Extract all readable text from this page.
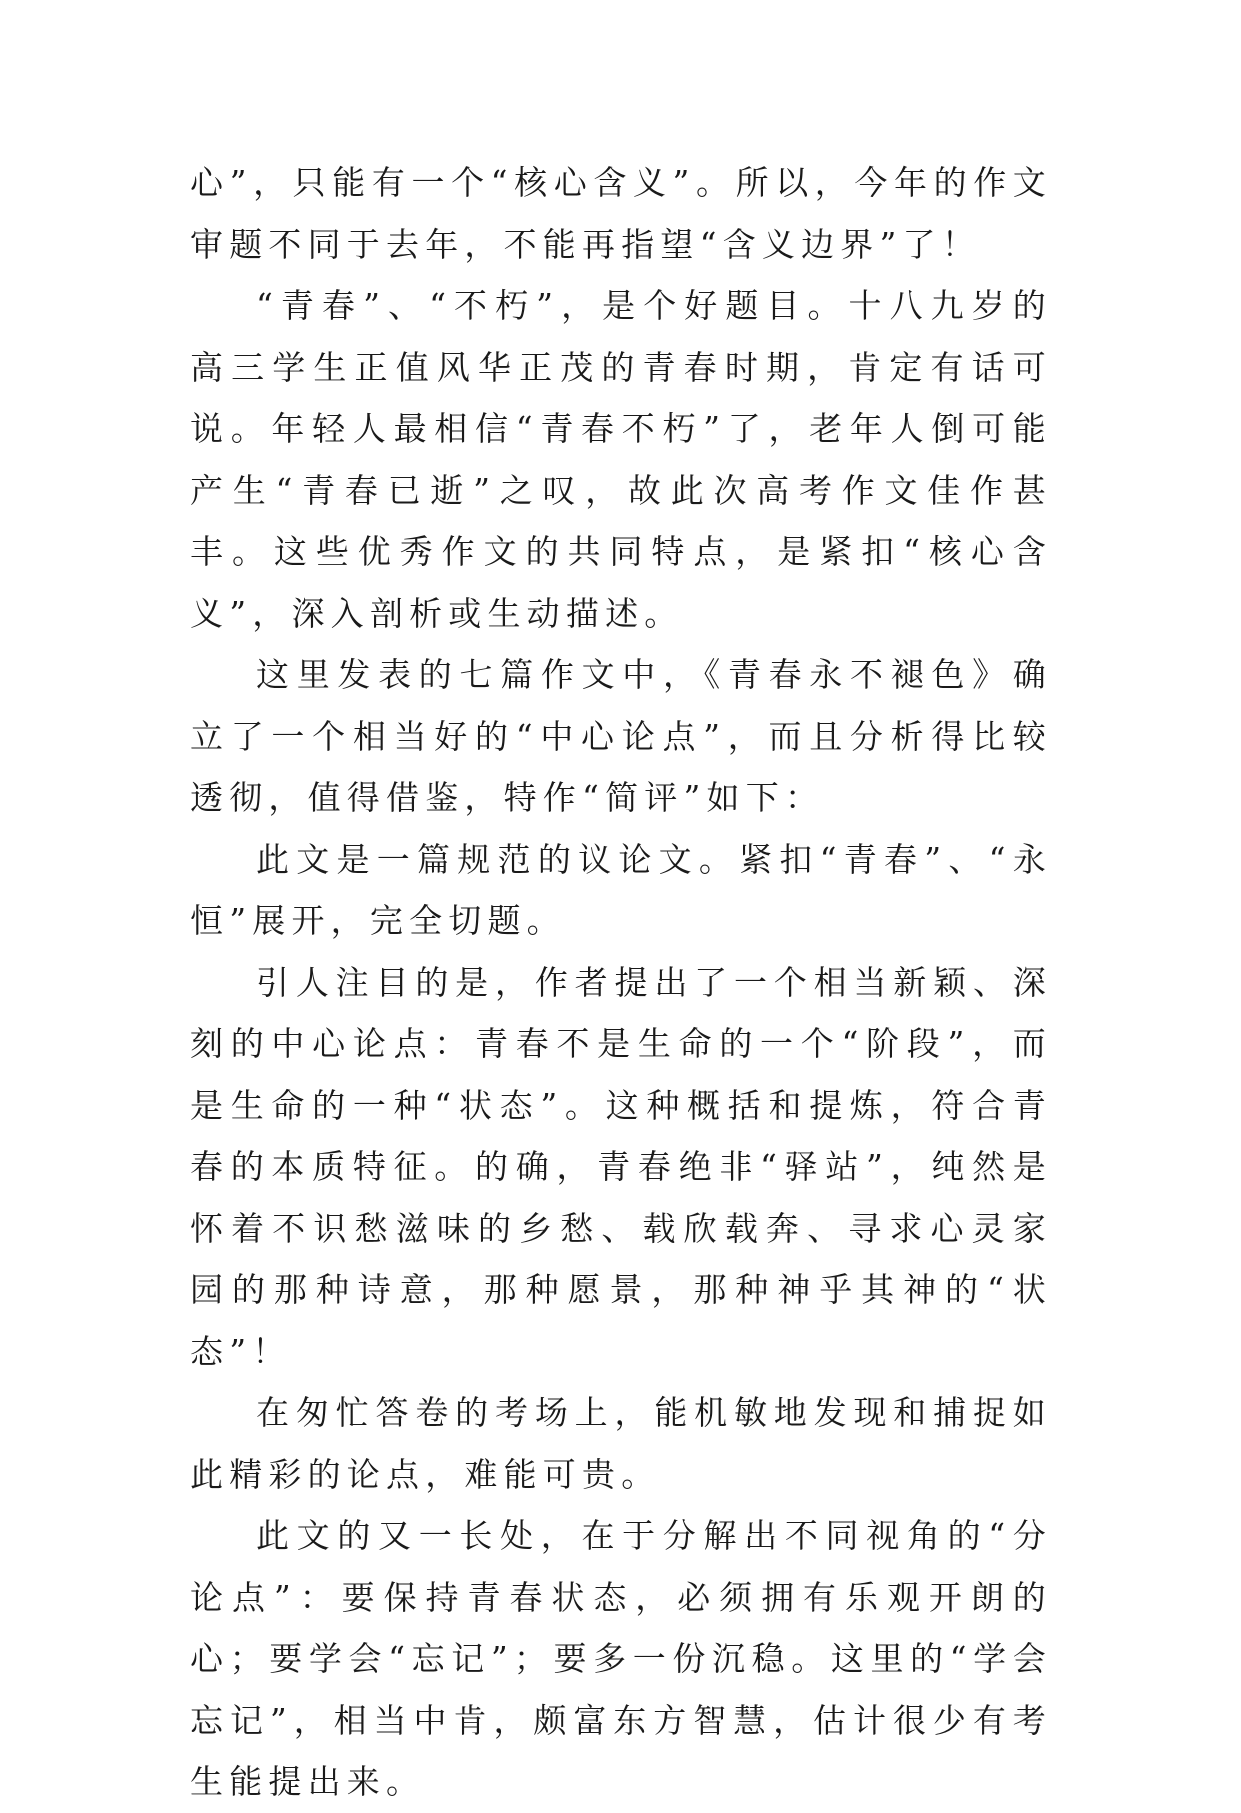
心”，只能有一个“核心含义”。所以，今年的作文审题不同于去年，不能再指望“含义边界”了！

“青春”、“不朽”，是个好题目。十八九岁的高三学生正值风华正茂的青春时期，肯定有话可说。年轻人最相信“青春不朽”了，老年人倒可能产生“青春已逝”之叹，故此次高考作文佳作甚丰。这些优秀作文的共同特点，是紧扣“核心含义”，深入剖析或生动描述。

这里发表的七篇作文中，《青春永不褪色》确立了一个相当好的“中心论点”，而且分析得比较透彻，值得借鉴，特作“简评”如下：

此文是一篇规范的议论文。紧扣“青春”、“永恒”展开，完全切题。

引人注目的是，作者提出了一个相当新颖、深刻的中心论点：青春不是生命的一个“阶段”，而是生命的一种“状态”。这种概括和提炼，符合青春的本质特征。的确，青春绝非“驿站”，纯然是怀着不识愁滋味的乡愁、载欣载奔、寻求心灵家园的那种诗意，那种愿景，那种神乎其神的“状态”！

在匆忙答卷的考场上，能机敏地发现和捕捉如此精彩的论点，难能可贵。

此文的又一长处，在于分解出不同视角的“分论点”：要保持青春状态，必须拥有乐观开朗的心；要学会“忘记”；要多一份沉稳。这里的“学会忘记”，相当中肯，颇富东方智慧，估计很少有考生能提出来。
